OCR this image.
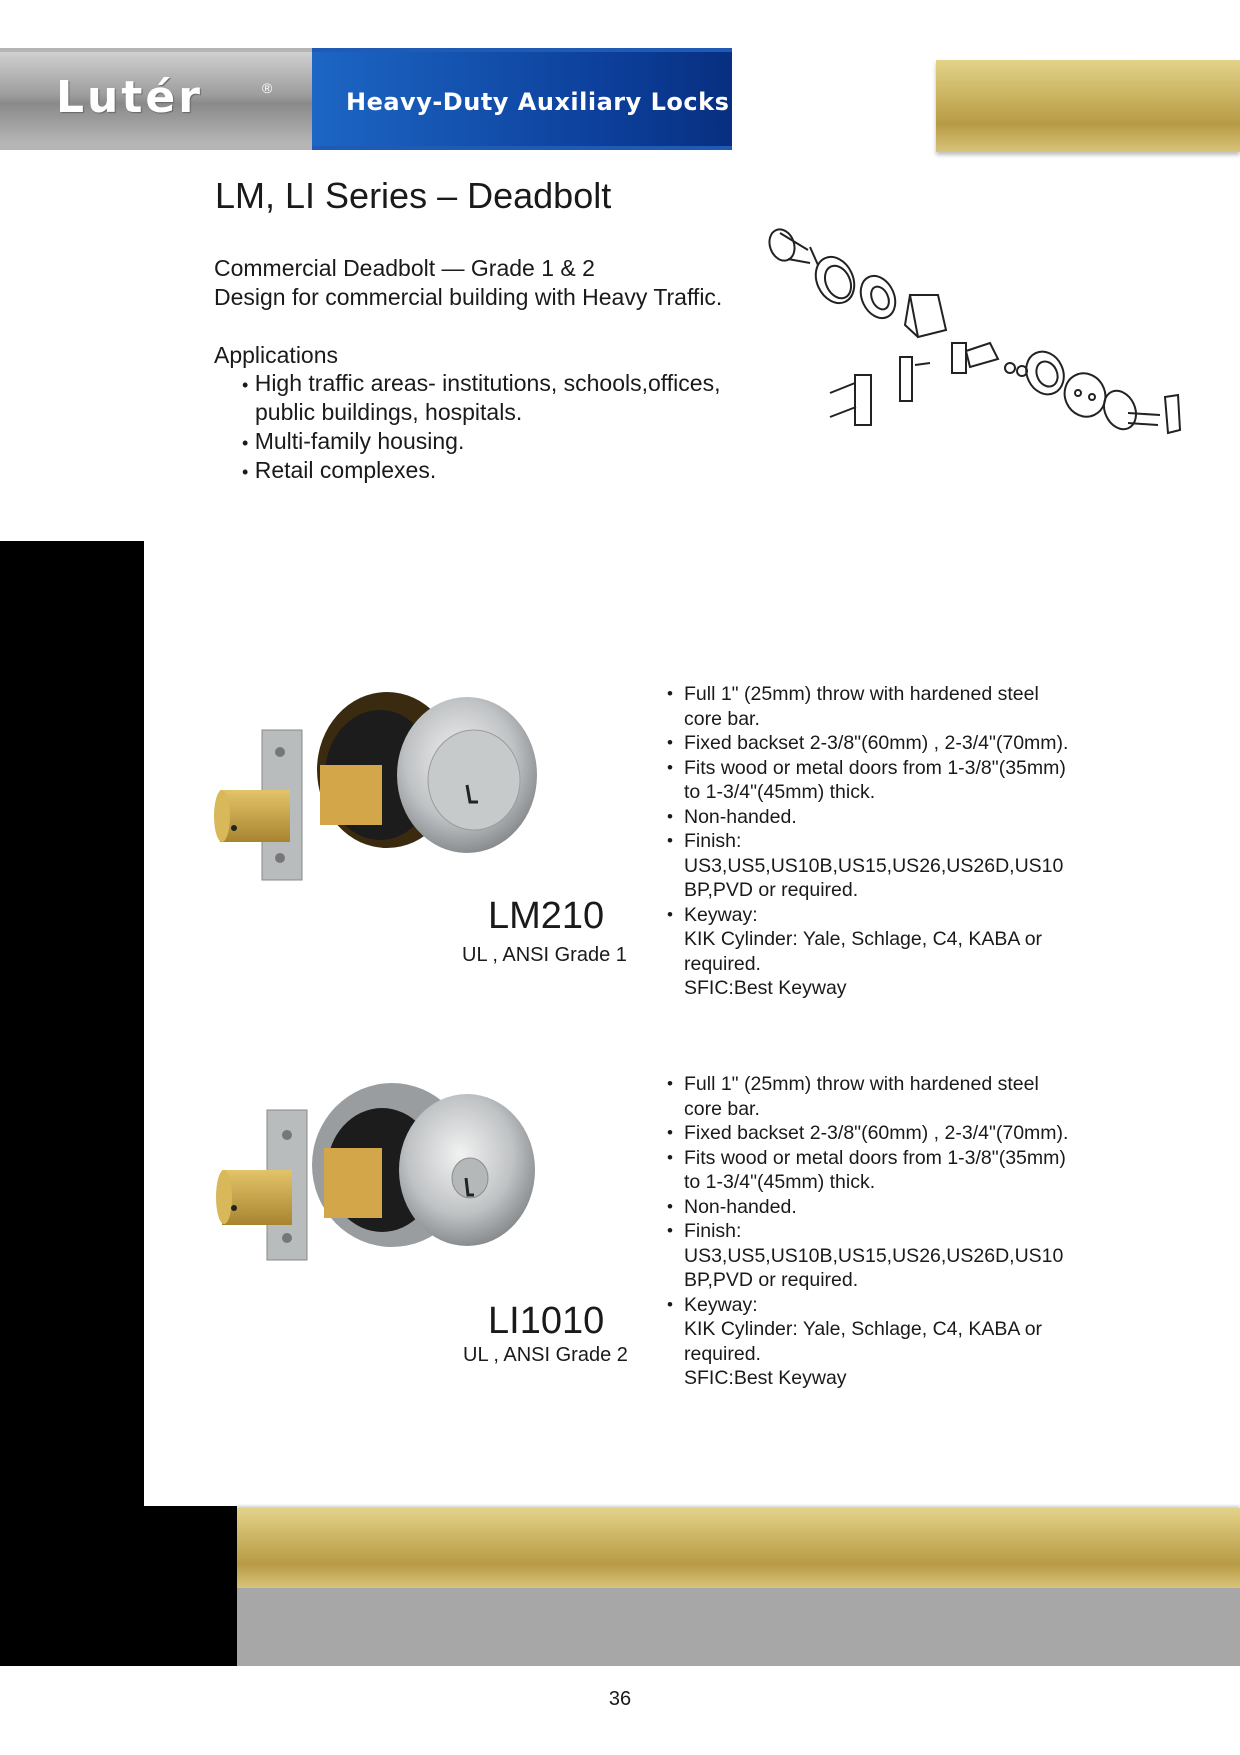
Lutér	®	Heavy-Duty Auxiliary Locks
LM, LI Series – Deadbolt
Commercial Deadbolt — Grade 1 & 2
Design for commercial building with Heavy Traffic.
Applications
• High traffic areas- institutions, schools,offices,
public buildings, hospitals.
• Multi-family housing.
• Retail complexes.
LM210
UL , ANSI Grade 1
• Full 1" (25mm) throw with hardened steel
core bar.
• Fixed backset 2-3/8"(60mm) , 2-3/4"(70mm).
• Fits wood or metal doors from 1-3/8"(35mm)
to 1-3/4"(45mm) thick.
• Non-handed.
• Finish:
US3,US5,US10B,US15,US26,US26D,US10
BP,PVD or required.
• Keyway:
KIK Cylinder: Yale, Schlage, C4, KABA or
required.
SFIC:Best Keyway
LI1010
UL , ANSI Grade 2
• Full 1" (25mm) throw with hardened steel
core bar.
• Fixed backset 2-3/8"(60mm) , 2-3/4"(70mm).
• Fits wood or metal doors from 1-3/8"(35mm)
to 1-3/4"(45mm) thick.
• Non-handed.
• Finish:
US3,US5,US10B,US15,US26,US26D,US10
BP,PVD or required.
• Keyway:
KIK Cylinder: Yale, Schlage, C4, KABA or
required.
SFIC:Best Keyway
36
